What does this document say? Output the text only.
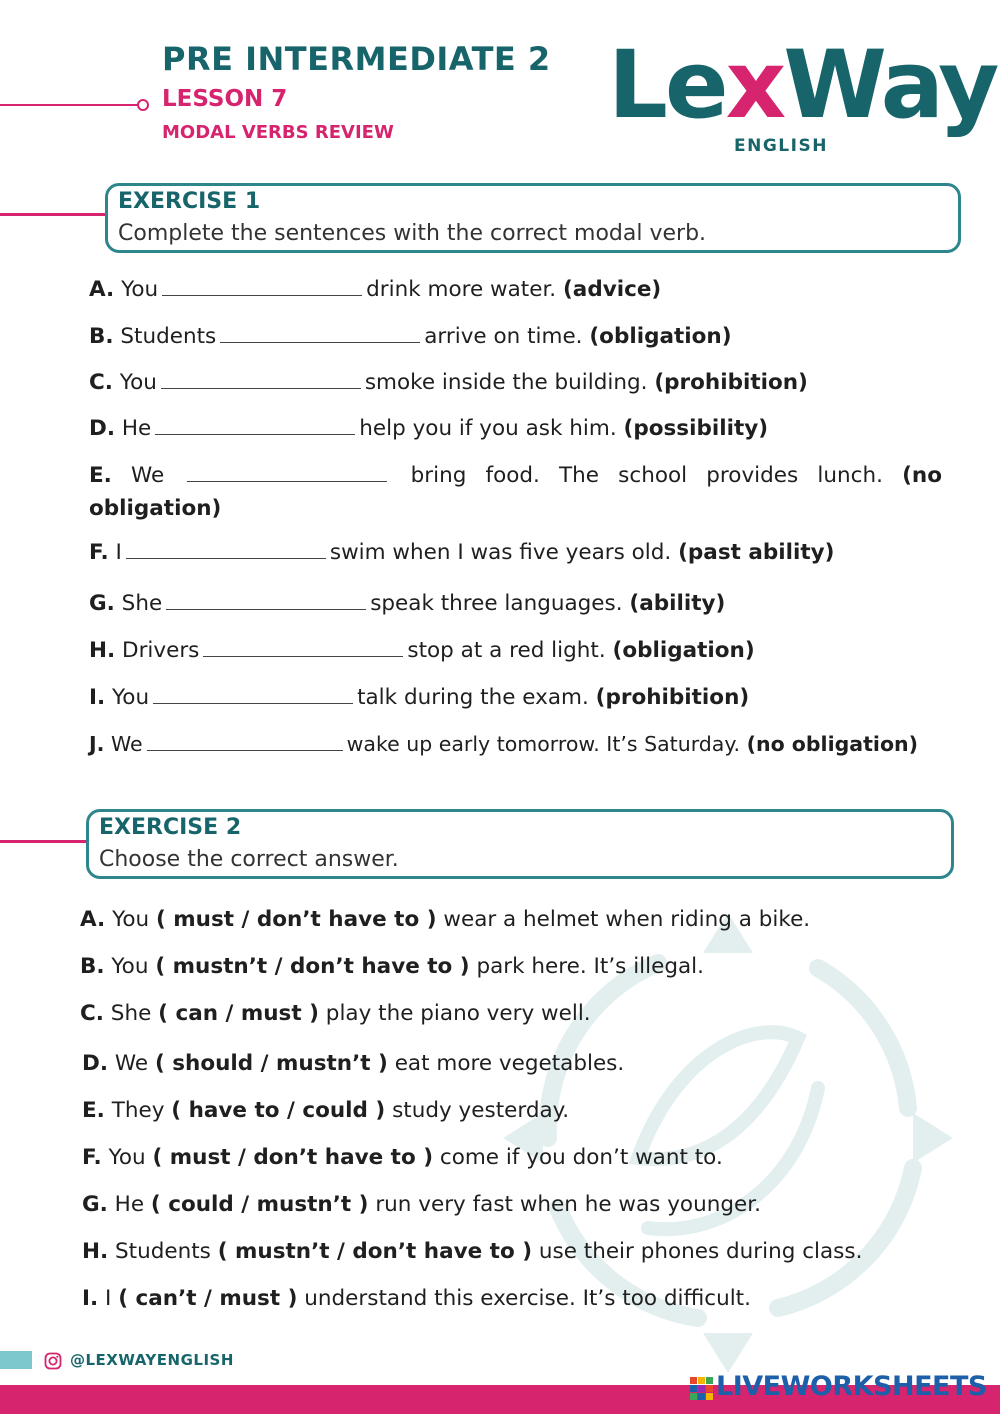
PRE INTERMEDIATE 2
LESSON 7
MODAL VERBS REVIEW LexWay
ENGLISH
EXERCISE 1
Complete the sentences with the correct modal verb.
A. You	drink more water. (advice)
B. Students	arrive on time. (obligation)
C. You	smoke inside the building. (prohibition)
D. He	help you if you ask him. (possibility)
E. We	bring food. The school provides lunch. (no obligation)
F. I	swim when I was five years old. (past ability)
G. She	speak three languages. (ability)
H. Drivers	stop at a red light. (obligation)
I. You	talk during the exam. (prohibition)
J. We	wake up early tomorrow. It’s Saturday. (no obligation)
EXERCISE 2
Choose the correct answer.
A. You ( must / don’t have to ) wear a helmet when riding a bike.
B. You ( mustn’t / don’t have to ) park here. It’s illegal.
C. She ( can / must ) play the piano very well.
D. We ( should / mustn’t ) eat more vegetables.
E. They ( have to / could ) study yesterday.
F. You ( must / don’t have to ) come if you don’t want to.
G. He ( could / mustn’t ) run very fast when he was younger.
H. Students ( mustn’t / don’t have to ) use their phones during class.
I. I ( can’t / must ) understand this exercise. It’s too difficult.
@LEXWAYENGLISH
LIVEWORKSHEETS
